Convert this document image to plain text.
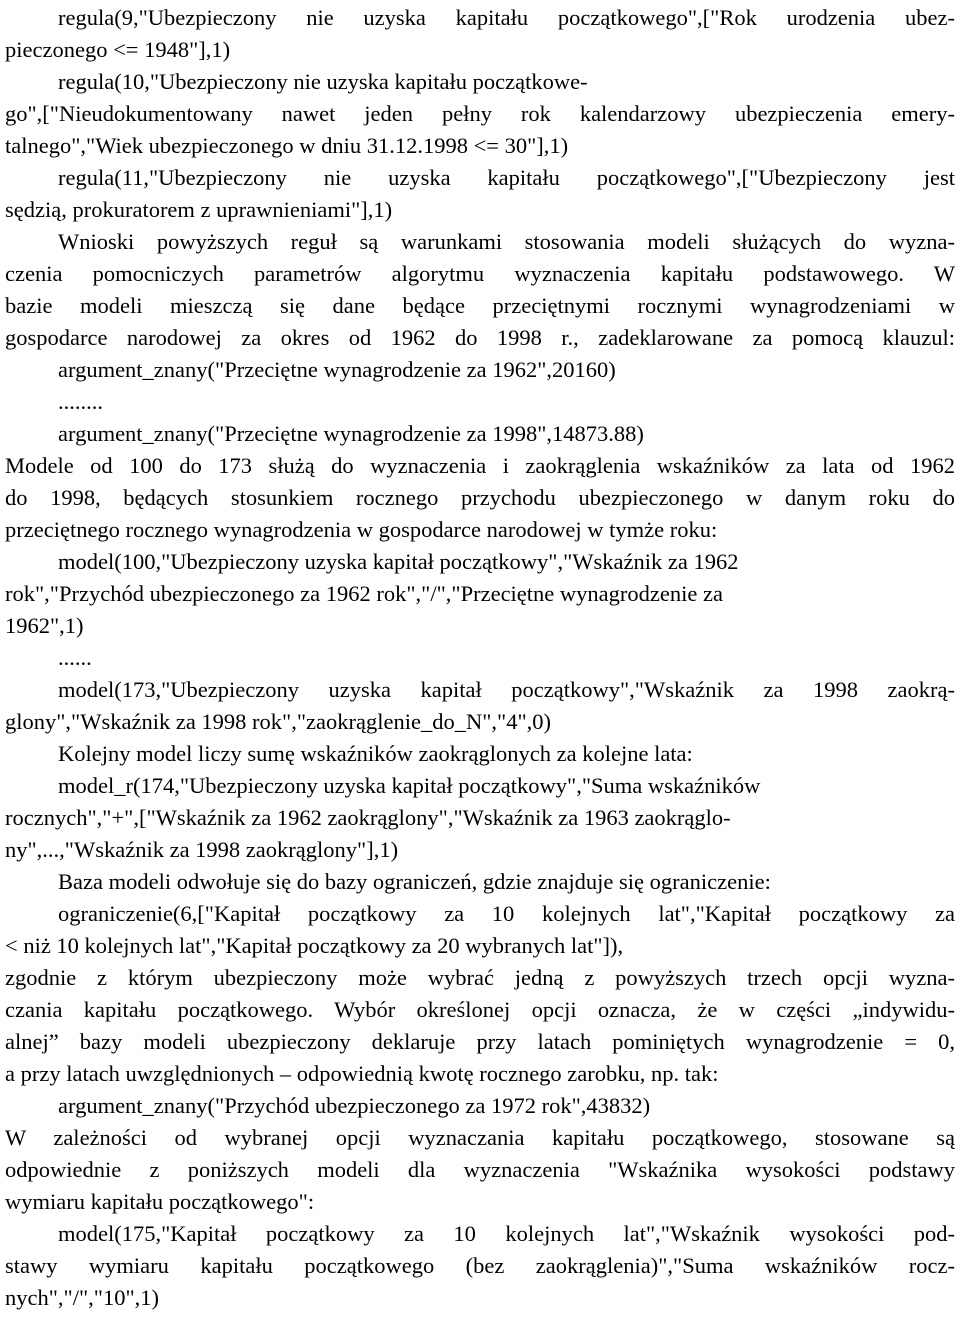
regula(9,"Ubezpieczony nie uzyska kapitału początkowego",["Rok urodzenia ubez-
pieczonego <= 1948"],1)
regula(10,"Ubezpieczony nie uzyska kapitału początkowe-
go",["Nieudokumentowany nawet jeden pełny rok kalendarzowy ubezpieczenia emery-
talnego","Wiek ubezpieczonego w dniu 31.12.1998 <= 30"],1)
regula(11,"Ubezpieczony nie uzyska kapitału początkowego",["Ubezpieczony jest
sędzią, prokuratorem z uprawnieniami"],1)
Wnioski powyższych reguł są warunkami stosowania modeli służących do wyzna-
czenia pomocniczych parametrów algorytmu wyznaczenia kapitału podstawowego. W
bazie modeli mieszczą się dane będące przeciętnymi rocznymi wynagrodzeniami w
gospodarce narodowej za okres od 1962 do 1998 r., zadeklarowane za pomocą klauzul:
argument_znany("Przeciętne wynagrodzenie za 1962",20160)
........
argument_znany("Przeciętne wynagrodzenie za 1998",14873.88)
Modele od 100 do 173 służą do wyznaczenia i zaokrąglenia wskaźników za lata od 1962
do 1998, będących stosunkiem rocznego przychodu ubezpieczonego w danym roku do
przeciętnego rocznego wynagrodzenia w gospodarce narodowej w tymże roku:
model(100,"Ubezpieczony uzyska kapitał początkowy","Wskaźnik za 1962
rok","Przychód ubezpieczonego za 1962 rok","/","Przeciętne wynagrodzenie za
1962",1)
......
model(173,"Ubezpieczony uzyska kapitał początkowy","Wskaźnik za 1998 zaokrą-
glony","Wskaźnik za 1998 rok","zaokrąglenie_do_N","4",0)
Kolejny model liczy sumę wskaźników zaokrąglonych za kolejne lata:
model_r(174,"Ubezpieczony uzyska kapitał początkowy","Suma wskaźników
rocznych","+",["Wskaźnik za 1962 zaokrąglony","Wskaźnik za 1963 zaokrąglo-
ny",...,"Wskaźnik za 1998 zaokrąglony"],1)
Baza modeli odwołuje się do bazy ograniczeń, gdzie znajduje się ograniczenie:
ograniczenie(6,["Kapitał początkowy za 10 kolejnych lat","Kapitał początkowy za
< niż 10 kolejnych lat","Kapitał początkowy za 20 wybranych lat"]),
zgodnie z którym ubezpieczony może wybrać jedną z powyższych trzech opcji wyzna-
czania kapitału początkowego. Wybór określonej opcji oznacza, że w części „indywidu-
alnej” bazy modeli ubezpieczony deklaruje przy latach pominiętych wynagrodzenie = 0,
a przy latach uwzględnionych – odpowiednią kwotę rocznego zarobku, np. tak:
argument_znany("Przychód ubezpieczonego za 1972 rok",43832)
W zależności od wybranej opcji wyznaczania kapitału początkowego, stosowane są
odpowiednie z poniższych modeli dla wyznaczenia "Wskaźnika wysokości podstawy
wymiaru kapitału początkowego":
model(175,"Kapitał początkowy za 10 kolejnych lat","Wskaźnik wysokości pod-
stawy wymiaru kapitału początkowego (bez zaokrąglenia)","Suma wskaźników rocz-
nych","/","10",1)
